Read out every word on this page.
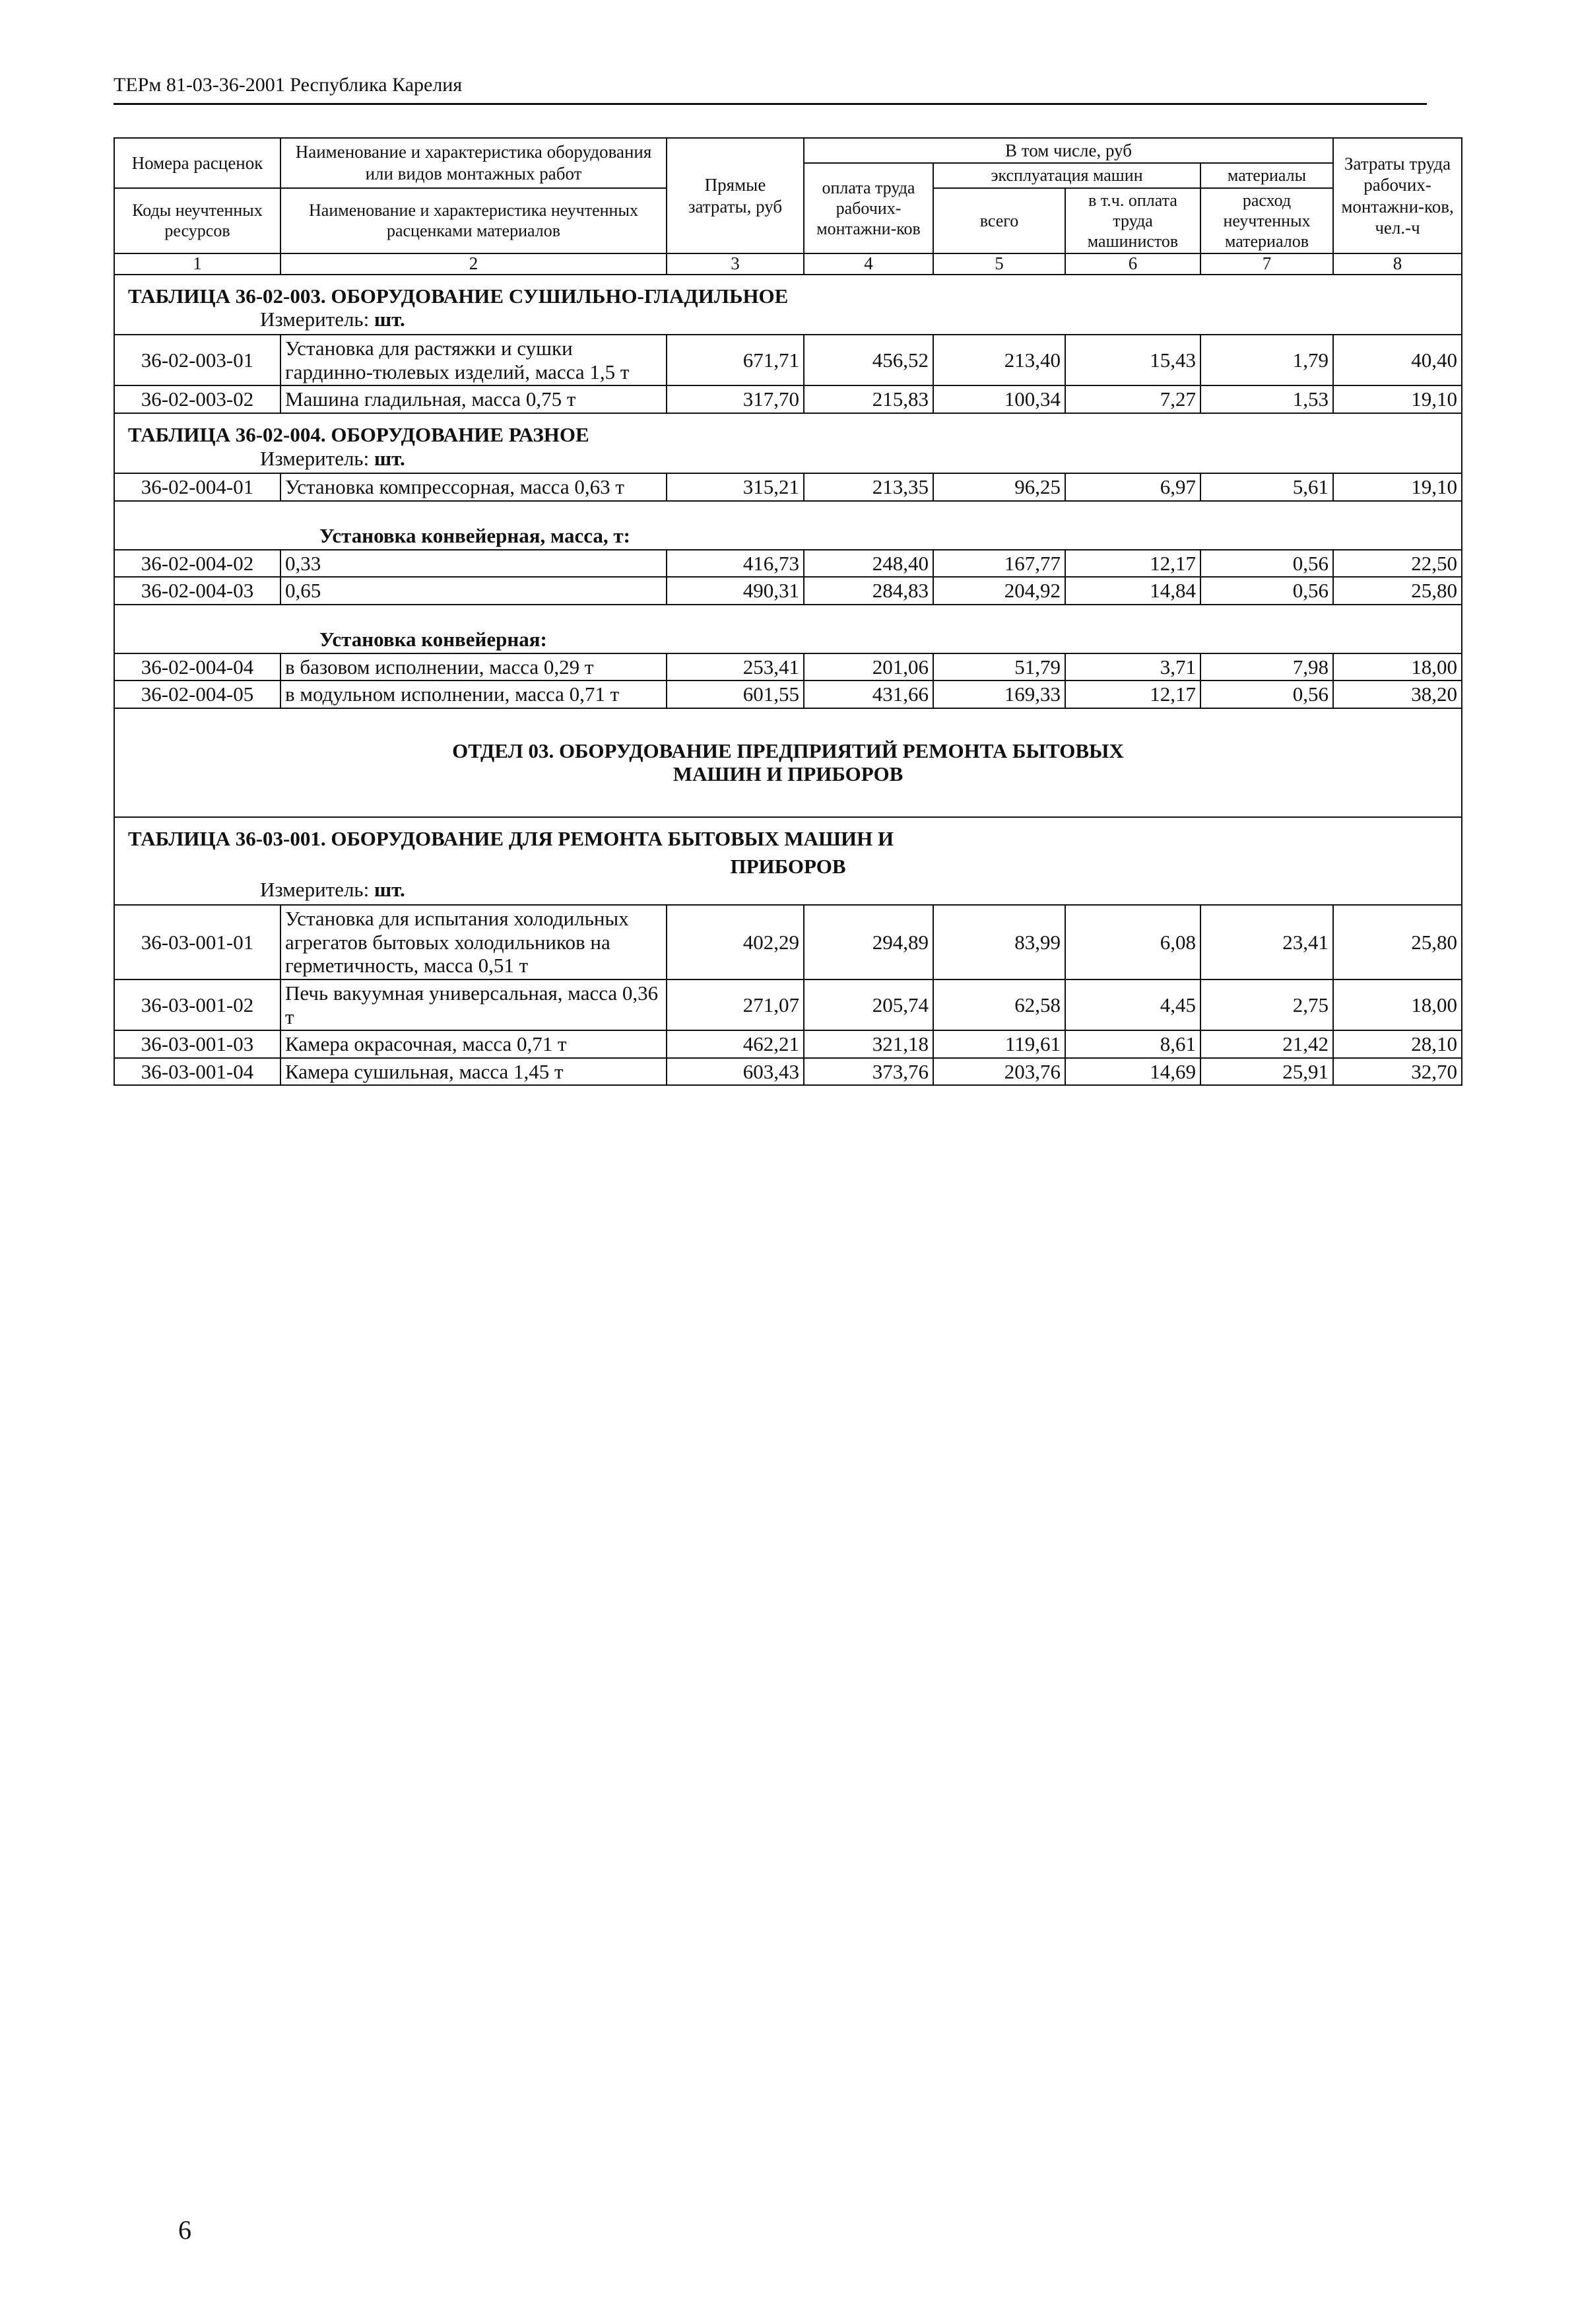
ТЕРм 81-03-36-2001 Республика Карелия
Номера расценок	Наименование и характеристика оборудования или видов монтажных работ	Прямые затраты, руб	В том числе, руб				Затраты труда рабочих-монтажни-ков, чел.-ч
			оплата труда рабочих-монтажни-ков	эксплуатация машин		материалы	
Коды неучтенных ресурсов	Наименование и характеристика неучтенных расценками материалов			всего	в т.ч. оплата труда машинистов	расход неучтенных материалов	

1	2	3	4	5	6	7	8
ТАБЛИЦА 36-02-003. ОБОРУДОВАНИЕ СУШИЛЬНО-ГЛАДИЛЬНОЕ							
Измеритель: шт.							
36-02-003-01	Установка для растяжки и сушки гардинно-тюлевых изделий, масса 1,5 т	671,71	456,52	213,40	15,43	1,79	40,40
36-02-003-02	Машина гладильная, масса 0,75 т	317,70	215,83	100,34	7,27	1,53	19,10
ТАБЛИЦА 36-02-004. ОБОРУДОВАНИЕ РАЗНОЕ							
Измеритель: шт.							
36-02-004-01	Установка компрессорная, масса 0,63 т	315,21	213,35	96,25	6,97	5,61	19,10
Установка конвейерная, масса, т:							
36-02-004-02	0,33	416,73	248,40	167,77	12,17	0,56	22,50
36-02-004-03	0,65	490,31	284,83	204,92	14,84	0,56	25,80
Установка конвейерная:							
36-02-004-04	в базовом исполнении, масса 0,29 т	253,41	201,06	51,79	3,71	7,98	18,00
36-02-004-05	в модульном исполнении, масса 0,71 т	601,55	431,66	169,33	12,17	0,56	38,20
ОТДЕЛ 03. ОБОРУДОВАНИЕ ПРЕДПРИЯТИЙ РЕМОНТА БЫТОВЫХ
МАШИН И ПРИБОРОВ							
ТАБЛИЦА 36-03-001. ОБОРУДОВАНИЕ ДЛЯ РЕМОНТА БЫТОВЫХ МАШИН И							
ПРИБОРОВ							
Измеритель: шт.							
36-03-001-01	Установка для испытания холодильных агрегатов бытовых холодильников на герметичность, масса 0,51 т	402,29	294,89	83,99	6,08	23,41	25,80
36-03-001-02	Печь вакуумная универсальная, масса 0,36 т	271,07	205,74	62,58	4,45	2,75	18,00
36-03-001-03	Камера окрасочная, масса 0,71 т	462,21	321,18	119,61	8,61	21,42	28,10
36-03-001-04	Камера сушильная, масса 1,45 т	603,43	373,76	203,76	14,69	25,91	32,70
6
